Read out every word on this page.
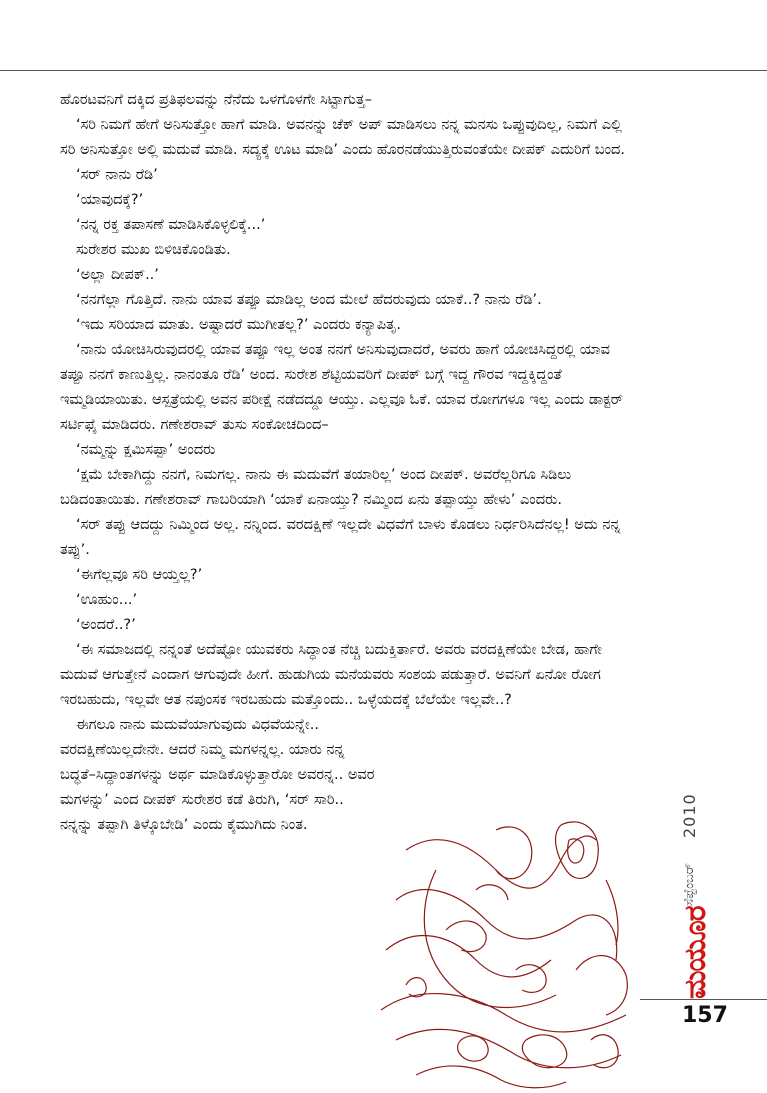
ಹೊರಟವನಿಗೆ ದಕ್ಕಿದ ಪ್ರತಿಫಲವನ್ನು ನೆನೆದು ಒಳಗೊಳಗೇ ಸಿಟ್ಟಾಗುತ್ತ–

‘ಸರಿ ನಿಮಗೆ ಹೇಗೆ ಅನಿಸುತ್ತೋ ಹಾಗೆ ಮಾಡಿ. ಅವನನ್ನು ಚೆಕ್ ಅಪ್ ಮಾಡಿಸಲು ನನ್ನ ಮನಸು ಒಪ್ಪುವುದಿಲ್ಲ, ನಿಮಗೆ ಎಲ್ಲಿ ಸರಿ ಅನಿಸುತ್ತೋ ಅಲ್ಲಿ ಮದುವೆ ಮಾಡಿ. ಸದ್ಯಕ್ಕೆ ಊಟ ಮಾಡಿ’ ಎಂದು ಹೊರನಡೆಯುತ್ತಿರುವಂತೆಯೇ ದೀಪಕ್ ಎದುರಿಗೆ ಬಂದ.

‘ಸರ್ ನಾನು ರೆಡಿ’

‘ಯಾವುದಕ್ಕೆ?’

‘ನನ್ನ ರಕ್ತ ತಪಾಸಣೆ ಮಾಡಿಸಿಕೊಳ್ಳಲಿಕ್ಕೆ...’

ಸುರೇಶರ ಮುಖ ಬಿಳಿಚಿಕೊಂಡಿತು.

‘ಅಲ್ಲಾ ದೀಪಕ್..’

‘ನನಗೆಲ್ಲಾ ಗೊತ್ತಿದೆ. ನಾನು ಯಾವ ತಪ್ಪೂ ಮಾಡಿಲ್ಲ ಅಂದ ಮೇಲೆ ಹೆದರುವುದು ಯಾಕೆ..? ನಾನು ರೆಡಿ’.

‘ಇದು ಸರಿಯಾದ ಮಾತು. ಅಷ್ಟಾದರೆ ಮುಗೀತಲ್ಲ?’ ಎಂದರು ಕನ್ಯಾಪಿತೃ.

‘ನಾನು ಯೋಚಿಸಿರುವುದರಲ್ಲಿ ಯಾವ ತಪ್ಪೂ ಇಲ್ಲ ಅಂತ ನನಗೆ ಅನಿಸುವುದಾದರೆ, ಅವರು ಹಾಗೆ ಯೋಚಿಸಿದ್ದರಲ್ಲಿ ಯಾವ ತಪ್ಪೂ ನನಗೆ ಕಾಣುತ್ತಿಲ್ಲ. ನಾನಂತೂ ರೆಡಿ’ ಅಂದ. ಸುರೇಶ ಶೆಟ್ಟಿಯವರಿಗೆ ದೀಪಕ್ ಬಗ್ಗೆ ಇದ್ದ ಗೌರವ ಇದ್ದಕ್ಕಿದ್ದಂತೆ ಇಮ್ಮಡಿಯಾಯಿತು. ಆಸ್ಪತ್ರೆಯಲ್ಲಿ ಅವನ ಪರೀಕ್ಷೆ ನಡೆದದ್ದೂ ಆಯ್ತು. ಎಲ್ಲವೂ ಓಕೆ. ಯಾವ ರೋಗಗಳೂ ಇಲ್ಲ ಎಂದು ಡಾಕ್ಟರ್ ಸರ್ಟಿಫೈ ಮಾಡಿದರು. ಗಣೇಶರಾವ್ ತುಸು ಸಂಕೋಚದಿಂದ–

‘ನಮ್ಮನ್ನು ಕ್ಷಮಿಸಪ್ಪಾ’ ಅಂದರು

‘ಕ್ಷಮೆ ಬೇಕಾಗಿದ್ದು ನನಗೆ, ನಿಮಗಲ್ಲ. ನಾನು ಈ ಮದುವೆಗೆ ತಯಾರಿಲ್ಲ’ ಅಂದ ದೀಪಕ್. ಅವರೆಲ್ಲರಿಗೂ ಸಿಡಿಲು ಬಡಿದಂತಾಯಿತು. ಗಣೇಶರಾವ್ ಗಾಬರಿಯಾಗಿ ‘ಯಾಕೆ ಏನಾಯ್ತು? ನಮ್ಮಿಂದ ಏನು ತಪ್ಪಾಯ್ತು ಹೇಳು’ ಎಂದರು.

‘ಸರ್ ತಪ್ಪು ಆದದ್ದು ನಿಮ್ಮಿಂದ ಅಲ್ಲ. ನನ್ನಿಂದ. ವರದಕ್ಷಿಣೆ ಇಲ್ಲದೇ ವಿಧವೆಗೆ ಬಾಳು ಕೊಡಲು ನಿರ್ಧರಿಸಿದೆನಲ್ಲ! ಅದು ನನ್ನ ತಪ್ಪು’.

‘ಈಗೆಲ್ಲವೂ ಸರಿ ಆಯ್ತಲ್ಲ?’

‘ಊಹುಂ...’

‘ಅಂದರೆ..?’

‘ಈ ಸಮಾಜದಲ್ಲಿ ನನ್ನಂತೆ ಅದೆಷ್ಟೋ ಯುವಕರು ಸಿದ್ಧಾಂತ ನೆಚ್ಚಿ ಬದುಕ್ತಿರ್ತಾರೆ. ಅವರು ವರದಕ್ಷಿಣೆಯೇ ಬೇಡ, ಹಾಗೇ ಮದುವೆ ಆಗುತ್ತೇನೆ ಎಂದಾಗ ಆಗುವುದೇ ಹೀಗೆ. ಹುಡುಗಿಯ ಮನೆಯವರು ಸಂಶಯ ಪಡುತ್ತಾರೆ. ಅವನಿಗೆ ಏನೋ ರೋಗ ಇರಬಹುದು, ಇಲ್ಲವೇ ಆತ ನಪುಂಸಕ ಇರಬಹುದು ಮತ್ತೊಂದು.. ಒಳ್ಳೆಯದಕ್ಕೆ ಬೆಲೆಯೇ ಇಲ್ಲವೇ..?

ಈಗಲೂ ನಾನು ಮದುವೆಯಾಗುವುದು ವಿಧವೆಯನ್ನೇ.. ವರದಕ್ಷಿಣೆಯಿಲ್ಲದೇನೇ. ಆದರೆ ನಿಮ್ಮ ಮಗಳನ್ನಲ್ಲ. ಯಾರು ನನ್ನ ಬದ್ಧತೆ–ಸಿದ್ಧಾಂತಗಳನ್ನು ಅರ್ಥ ಮಾಡಿಕೊಳ್ಳುತ್ತಾರೋ ಅವರನ್ನ.. ಅವರ ಮಗಳನ್ನು’ ಎಂದ ದೀಪಕ್ ಸುರೇಶರ ಕಡೆ ತಿರುಗಿ, ‘ಸರ್ ಸಾರಿ.. ನನ್ನನ್ನು ತಪ್ಪಾಗಿ ತಿಳ್ಕೊಬೇಡಿ’ ಎಂದು ಕೈಮುಗಿದು ನಿಂತ.	2010
ಸೆಪ್ಟೆಂಬರ್
ಮಯೂರ
157
